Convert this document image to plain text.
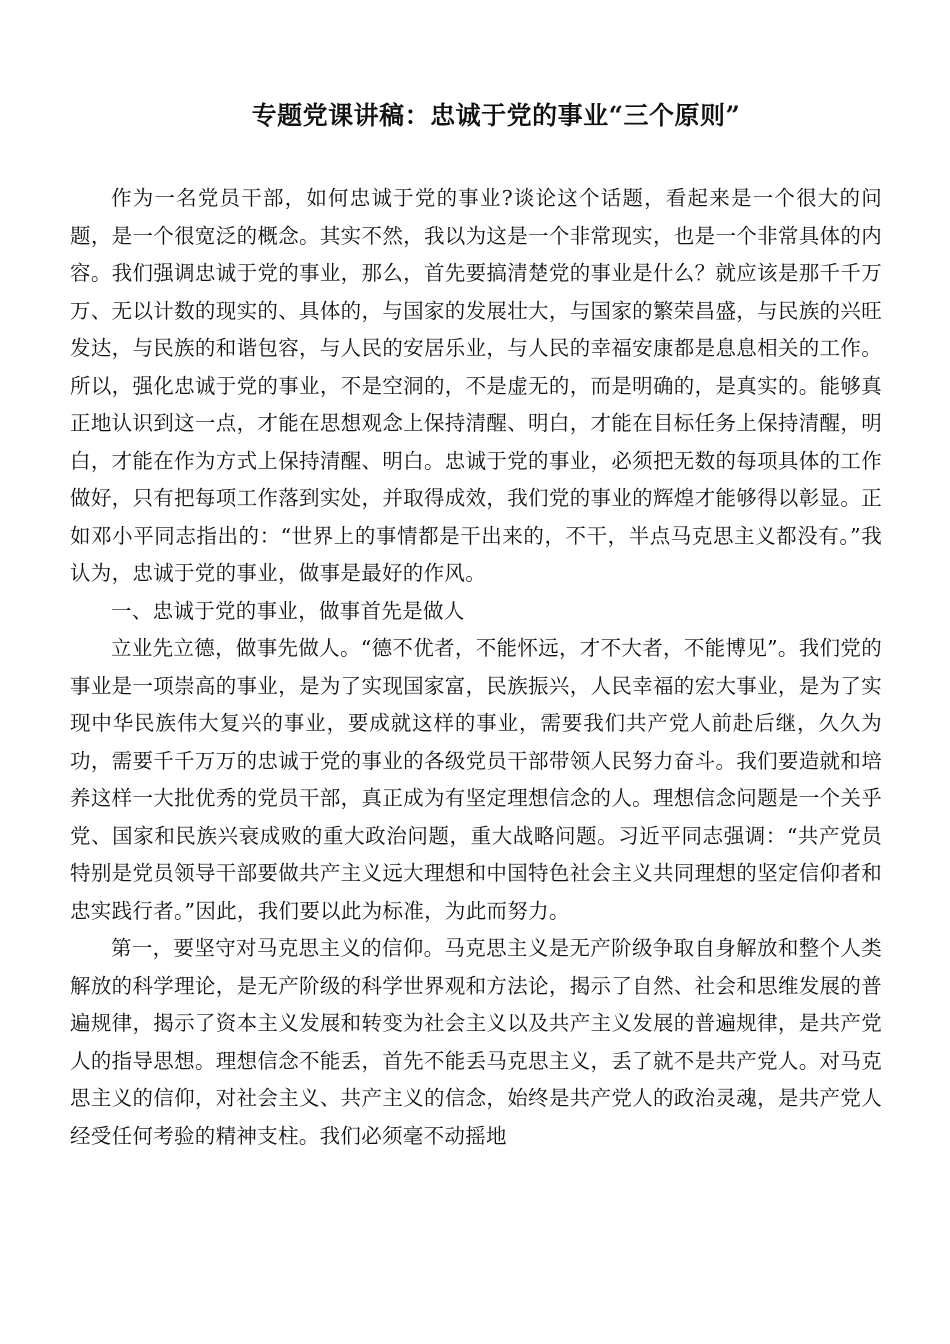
专题党课讲稿：忠诚于党的事业“三个原则”

作为一名党员干部，如何忠诚于党的事业?谈论这个话题，看起来是一个很大的问题，是一个很宽泛的概念。其实不然，我以为这是一个非常现实，也是一个非常具体的内容。我们强调忠诚于党的事业，那么，首先要搞清楚党的事业是什么？就应该是那千千万万、无以计数的现实的、具体的，与国家的发展壮大，与国家的繁荣昌盛，与民族的兴旺发达，与民族的和谐包容，与人民的安居乐业，与人民的幸福安康都是息息相关的工作。所以，强化忠诚于党的事业，不是空洞的，不是虚无的，而是明确的，是真实的。能够真正地认识到这一点，才能在思想观念上保持清醒、明白，才能在目标任务上保持清醒，明白，才能在作为方式上保持清醒、明白。忠诚于党的事业，必须把无数的每项具体的工作做好，只有把每项工作落到实处，并取得成效，我们党的事业的辉煌才能够得以彰显。正如邓小平同志指出的：“世界上的事情都是干出来的，不干，半点马克思主义都没有。”我认为，忠诚于党的事业，做事是最好的作风。

一、忠诚于党的事业，做事首先是做人

立业先立德，做事先做人。“德不优者，不能怀远，才不大者，不能博见”。我们党的事业是一项崇高的事业，是为了实现国家富，民族振兴，人民幸福的宏大事业，是为了实现中华民族伟大复兴的事业，要成就这样的事业，需要我们共产党人前赴后继，久久为功，需要千千万万的忠诚于党的事业的各级党员干部带领人民努力奋斗。我们要造就和培养这样一大批优秀的党员干部，真正成为有坚定理想信念的人。理想信念问题是一个关乎党、国家和民族兴衰成败的重大政治问题，重大战略问题。习近平同志强调：“共产党员特别是党员领导干部要做共产主义远大理想和中国特色社会主义共同理想的坚定信仰者和忠实践行者。”因此，我们要以此为标准，为此而努力。

第一，要坚守对马克思主义的信仰。马克思主义是无产阶级争取自身解放和整个人类解放的科学理论，是无产阶级的科学世界观和方法论，揭示了自然、社会和思维发展的普遍规律，揭示了资本主义发展和转变为社会主义以及共产主义发展的普遍规律，是共产党人的指导思想。理想信念不能丢，首先不能丢马克思主义，丢了就不是共产党人。对马克思主义的信仰，对社会主义、共产主义的信念，始终是共产党人的政治灵魂，是共产党人经受任何考验的精神支柱。我们必须毫不动摇地
